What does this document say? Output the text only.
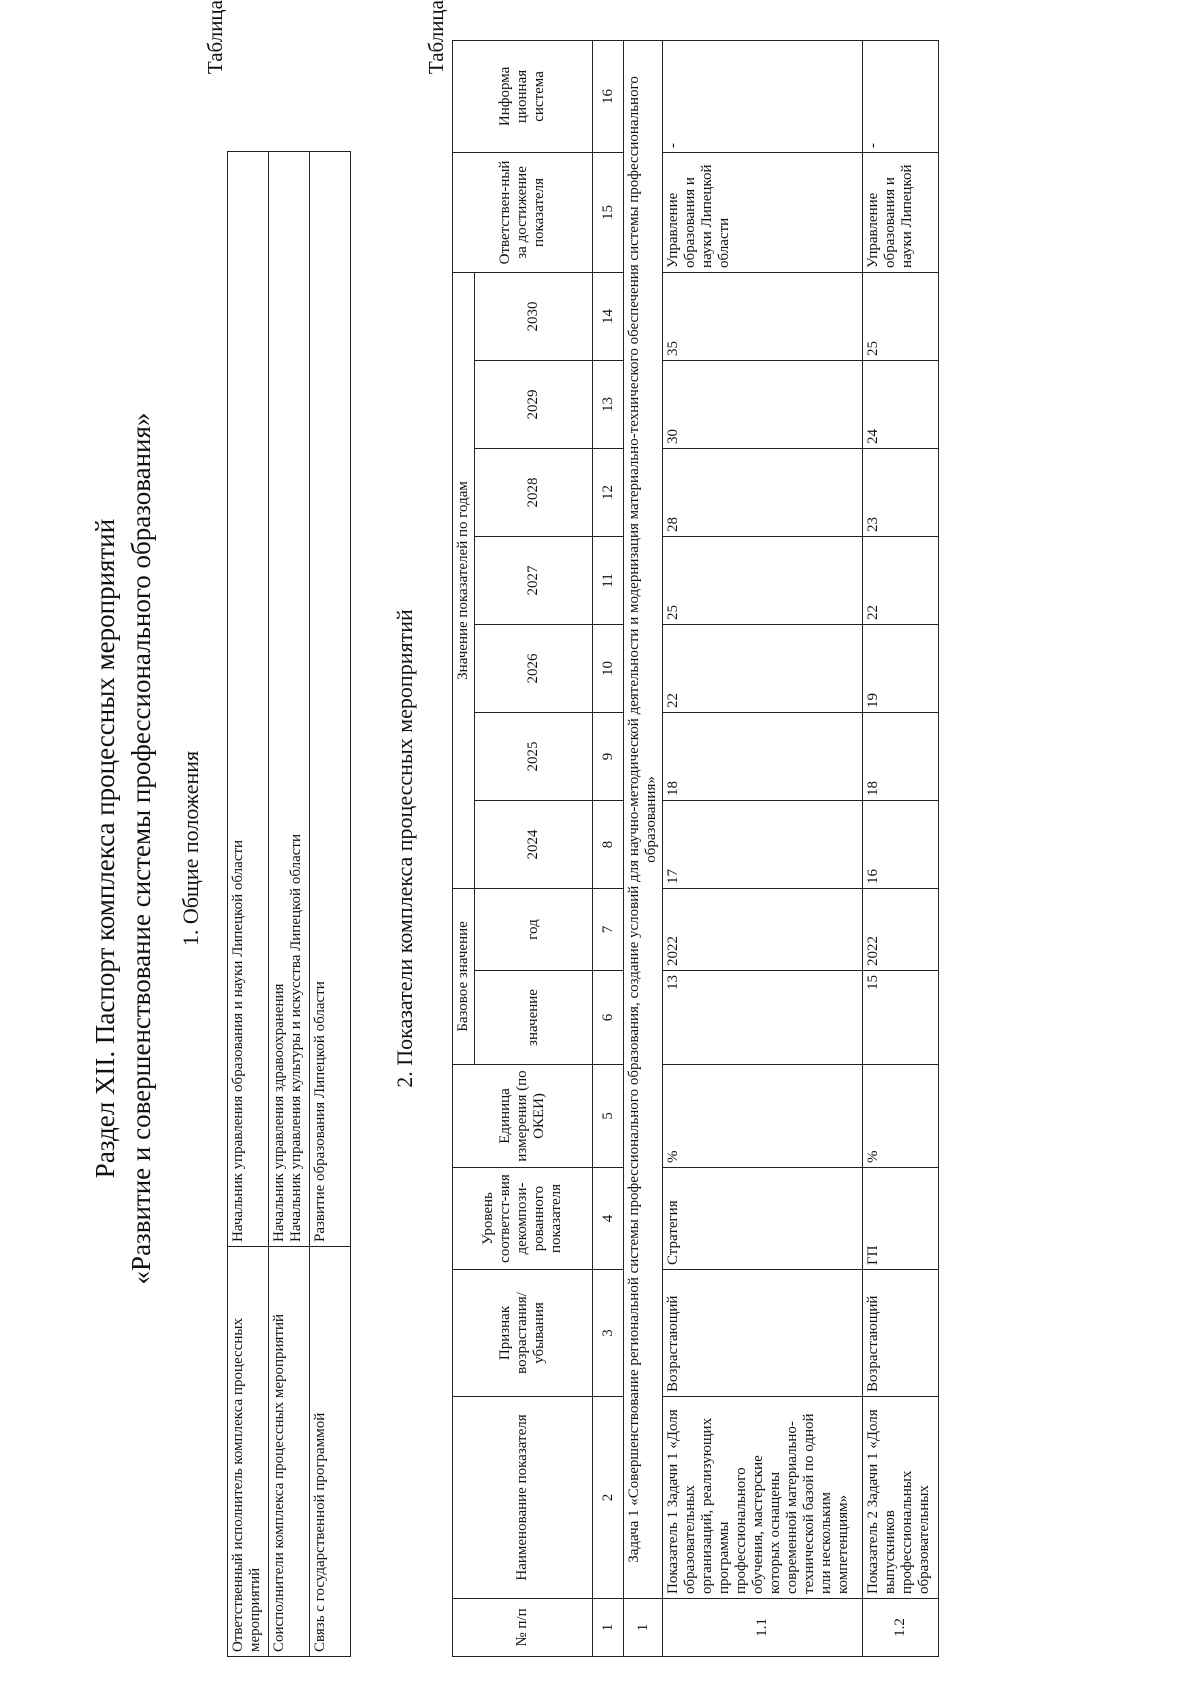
Раздел XII. Паспорт комплекса процессных мероприятий «Развитие и совершенствование системы профессионального образования» 1. Общие положения
Таблица
Ответственный исполнитель комплекса процессных мероприятий	Начальник управления образования и науки Липецкой области
Соисполнители комплекса процессных мероприятий	Начальник управления здравоохранения Начальник управления культуры и искусства Липецкой области

Связь с государственной программой	Развитие образования Липецкой области
2. Показатели комплекса процессных мероприятий
Таблица
№ п/п	Наименование показателя	Признак возрастания/ убывания	Уровень соответст-вия декомпози-рованного показателя	Единица измерения (по ОКЕИ)	Базовое значение		Значение показателей по годам							Ответствен-ный за достижение показателя	Информа ционная система
					значение	год	2024	2025	2026	2027	2028	2029	2030		
1	2	3	4	5	6	7	8	9	10	11	12	13	14	15	16
1	Задача 1 «Совершенствование региональной системы профессионального образования, создание условий для научно-методической деятельности и модернизация материально-технического обеспечения системы профессионального образования»														
1.1	Показатель 1 Задачи 1 «Доля образовательных организаций, реализующих программы профессионального обучения, мастерские которых оснащены современной материально-технической базой по одной или нескольким компетенциям»	Возрастающий	Стратегия	%	13	2022	17	18	22	25	28	30	35	Управление образования и науки Липецкой области	-
1.2	Показатель 2 Задачи 1 «Доля выпускников профессиональных образовательных	Возрастающий	ГП	%	15	2022	16	18	19	22	23	24	25	Управление образования и науки Липецкой	-
